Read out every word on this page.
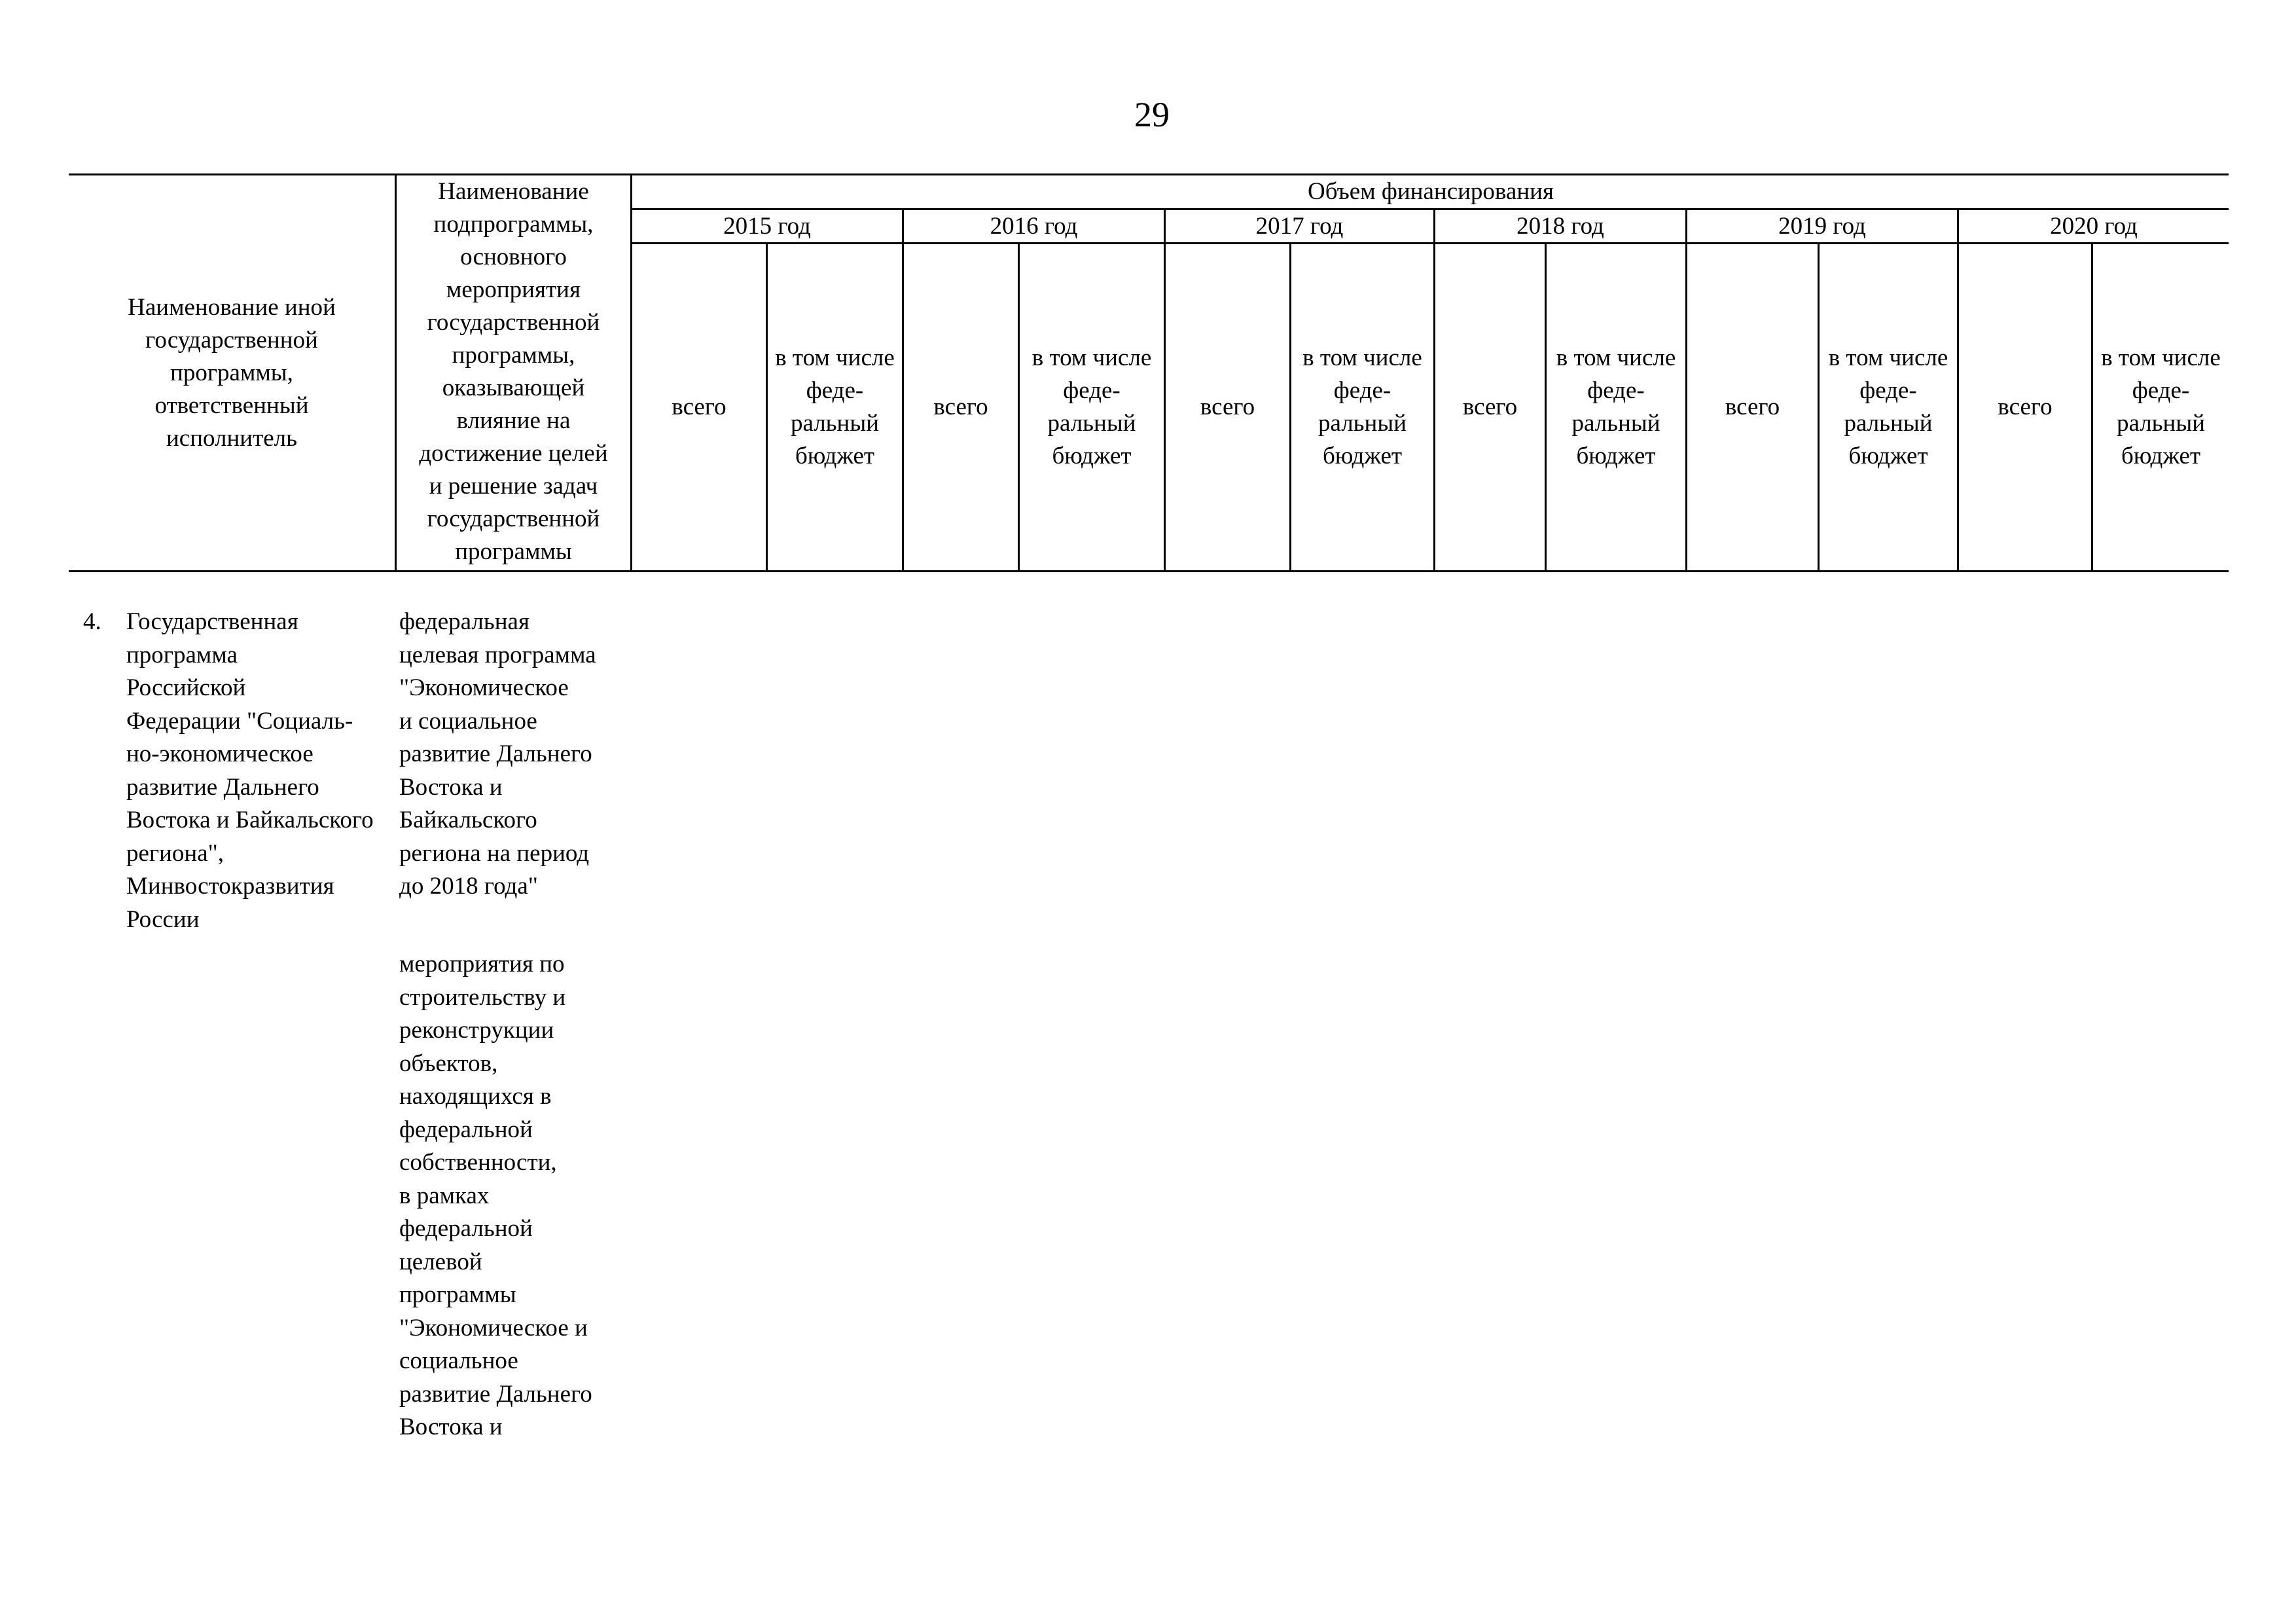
29
Наименование иной
государственной
программы,
ответственный
исполнитель
Наименование
подпрограммы,
основного
мероприятия
государственной
программы,
оказывающей
влияние на
достижение целей
и решение задач
государственной
программы
Объем финансирования
2015 год
всего
в том числе
феде-
ральный
бюджет
2016 год
всего
в том числе
феде-
ральный
бюджет
2017 год
всего
в том числе
феде-
ральный
бюджет
2018 год
всего
в том числе
феде-
ральный
бюджет
2019 год
всего
в том числе
феде-
ральный
бюджет
2020 год
всего
в том числе
феде-
ральный
бюджет
4. Государственная
программа
Российской
Федерации "Социаль-
но-экономическое
развитие Дальнего
Востока и Байкальского
региона",
Минвостокразвития
России
федеральная
целевая программа
"Экономическое
и социальное
развитие Дальнего
Востока и
Байкальского
региона на период
до 2018 года"
мероприятия по
строительству и
реконструкции
объектов,
находящихся в
федеральной
собственности,
в рамках
федеральной
целевой
программы
"Экономическое и
социальное
развитие Дальнего
Востока и
